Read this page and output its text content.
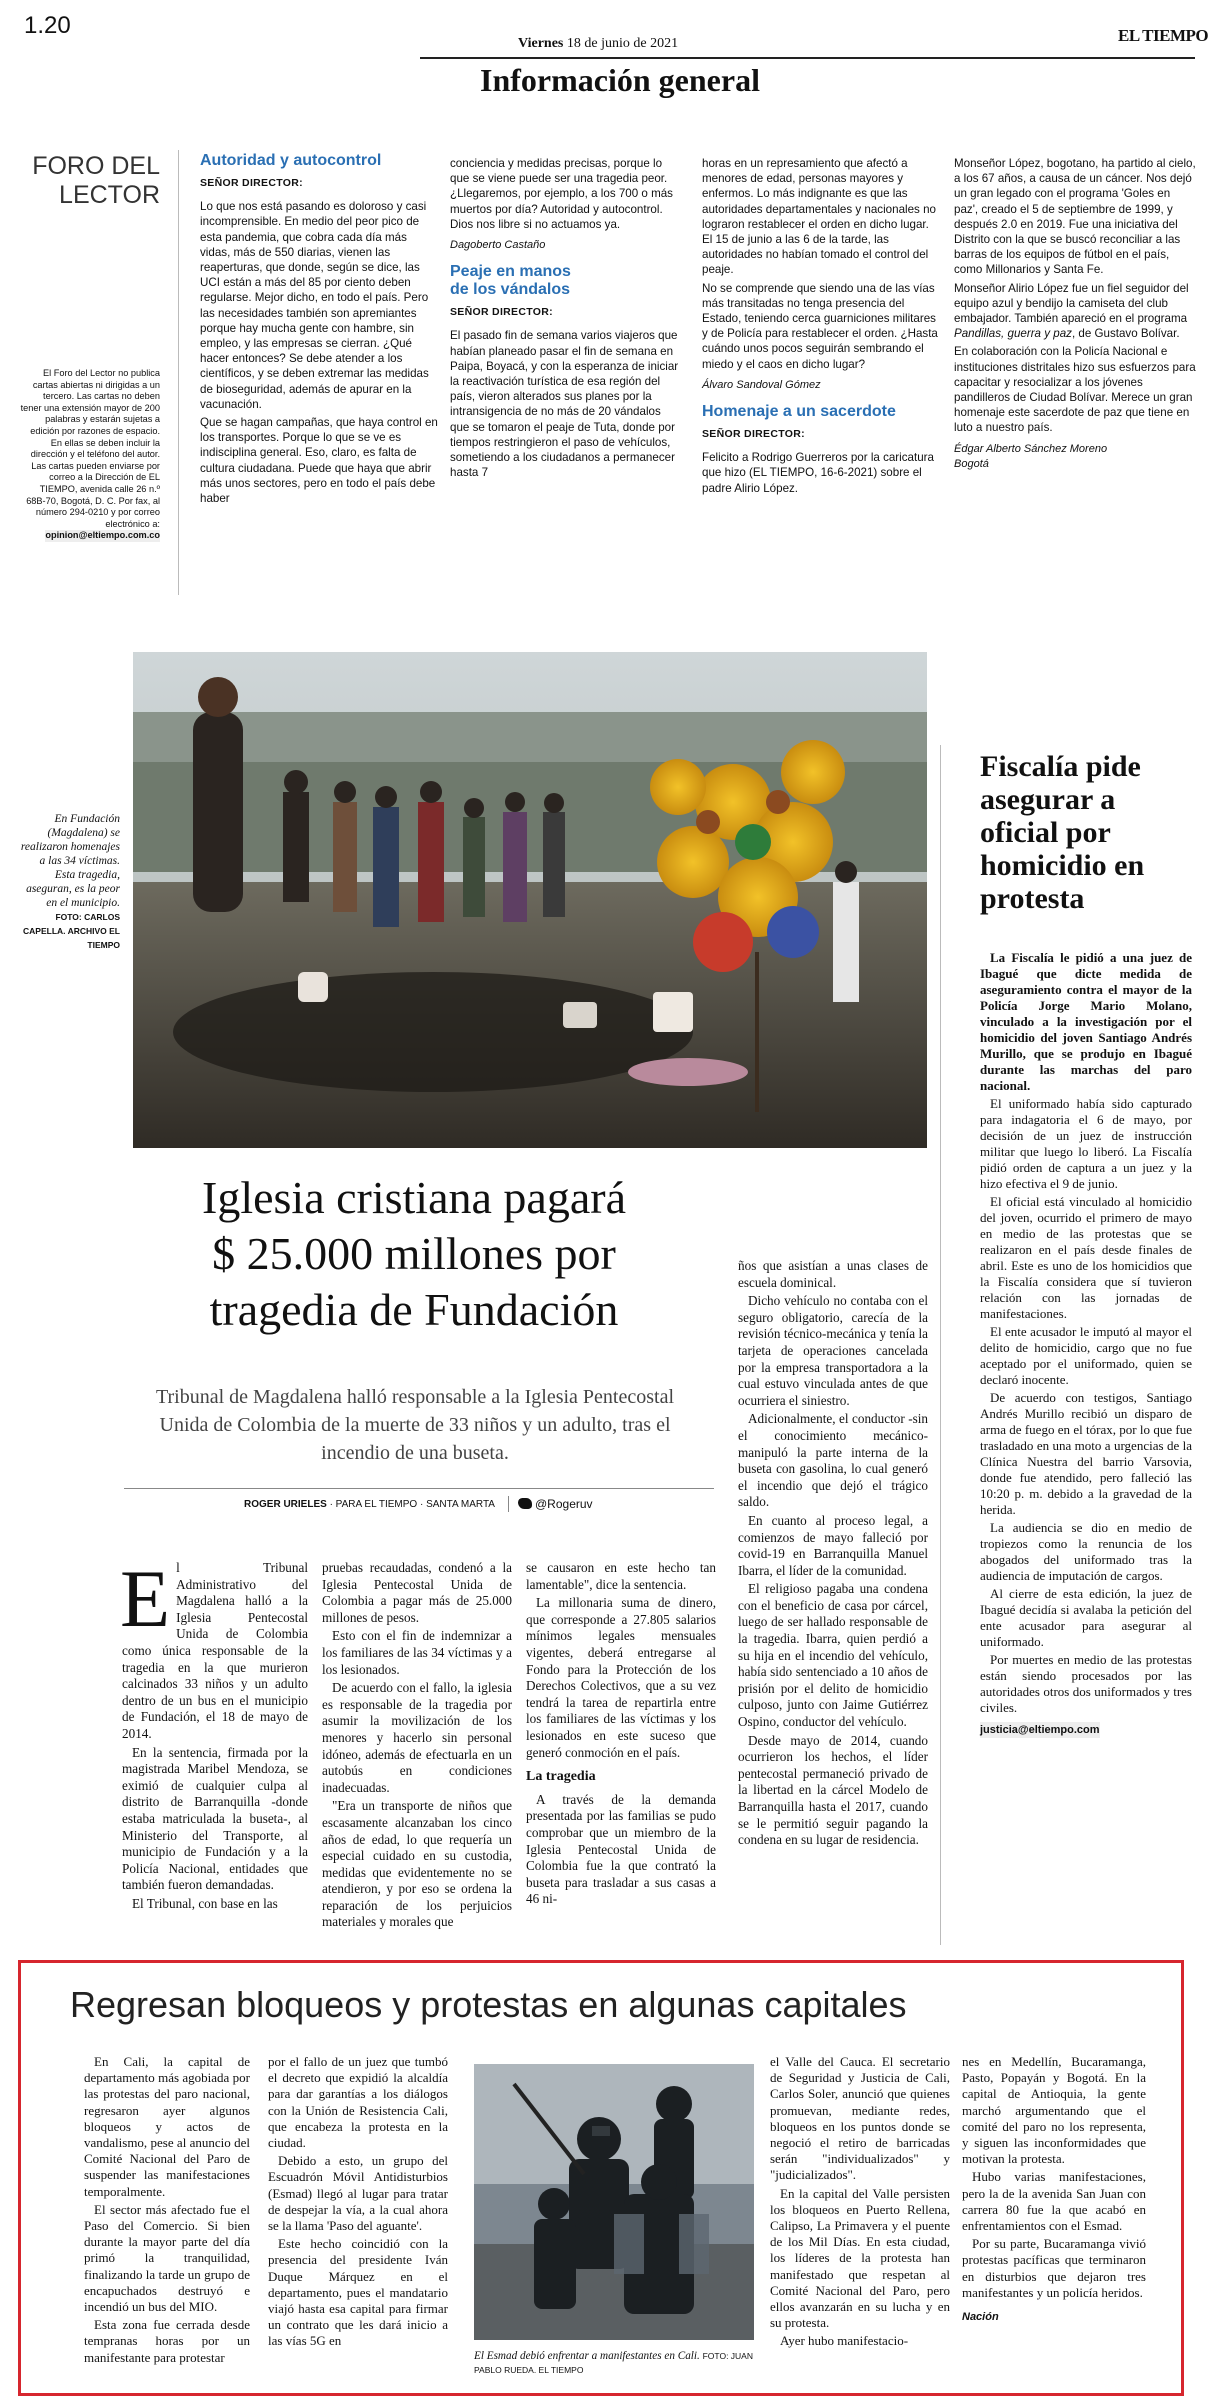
1.20
Viernes 18 de junio de 2021	EL TIEMPO
Información general
FORO DEL
LECTOR
El Foro del Lector no publica cartas abiertas ni dirigidas a un tercero. Las cartas no deben tener una extensión mayor de 200 palabras y estarán sujetas a edición por razones de espacio. En ellas se deben incluir la dirección y el teléfono del autor. Las cartas pueden enviarse por correo a la Dirección de EL TIEMPO, avenida calle 26 n.º 68B-70, Bogotá, D. C. Por fax, al número 294-0210 y por correo electrónico a: opinion@eltiempo.com.co
Autoridad y autocontrol
SEÑOR DIRECTOR:

Lo que nos está pasando es doloroso y casi incomprensible. En medio del peor pico de esta pandemia, que cobra cada día más vidas, más de 550 diarias, vienen las reaperturas, que donde, según se dice, las UCI están a más del 85 por ciento deben regularse. Mejor dicho, en todo el país. Pero las necesidades también son apremiantes porque hay mucha gente con hambre, sin empleo, y las empresas se cierran. ¿Qué hacer entonces? Se debe atender a los científicos, y se deben extremar las medidas de bioseguridad, además de apurar en la vacunación.

Que se hagan campañas, que haya control en los transportes. Porque lo que se ve es indisciplina general. Eso, claro, es falta de cultura ciudadana. Puede que haya que abrir más unos sectores, pero en todo el país debe haber

conciencia y medidas precisas, porque lo que se viene puede ser una tragedia peor. ¿Llegaremos, por ejemplo, a los 700 o más muertos por día? Autoridad y autocontrol. Dios nos libre si no actuamos ya.

Dagoberto Castaño
Peaje en manos
de los vándalos
SEÑOR DIRECTOR:

El pasado fin de semana varios viajeros que habían planeado pasar el fin de semana en Paipa, Boyacá, y con la esperanza de iniciar la reactivación turística de esa región del país, vieron alterados sus planes por la intransigencia de no más de 20 vándalos que se tomaron el peaje de Tuta, donde por tiempos restringieron el paso de vehículos, sometiendo a los ciudadanos a permanecer hasta 7

horas en un represamiento que afectó a menores de edad, personas mayores y enfermos. Lo más indignante es que las autoridades departamentales y nacionales no lograron restablecer el orden en dicho lugar. El 15 de junio a las 6 de la tarde, las autoridades no habían tomado el control del peaje.

No se comprende que siendo una de las vías más transitadas no tenga presencia del Estado, teniendo cerca guarniciones militares y de Policía para restablecer el orden. ¿Hasta cuándo unos pocos seguirán sembrando el miedo y el caos en dicho lugar?

Álvaro Sandoval Gómez
Homenaje a un sacerdote
SEÑOR DIRECTOR:

Felicito a Rodrigo Guerreros por la caricatura que hizo (EL TIEMPO, 16-6-2021) sobre el padre Alirio López.

Monseñor López, bogotano, ha partido al cielo, a los 67 años, a causa de un cáncer. Nos dejó un gran legado con el programa 'Goles en paz', creado el 5 de septiembre de 1999, y después 2.0 en 2019. Fue una iniciativa del Distrito con la que se buscó reconciliar a las barras de los equipos de fútbol en el país, como Millonarios y Santa Fe.

Monseñor Alirio López fue un fiel seguidor del equipo azul y bendijo la camiseta del club embajador. También apareció en el programa Pandillas, guerra y paz, de Gustavo Bolívar.

En colaboración con la Policía Nacional e instituciones distritales hizo sus esfuerzos para capacitar y resocializar a los jóvenes pandilleros de Ciudad Bolívar. Merece un gran homenaje este sacerdote de paz que tiene en luto a nuestro país.

Édgar Alberto Sánchez Moreno
Bogotá
En Fundación (Magdalena) se realizaron homenajes a las 34 víctimas. Esta tragedia, aseguran, es la peor en el municipio. FOTO: CARLOS CAPELLA. ARCHIVO EL TIEMPO
Iglesia cristiana pagará
$ 25.000 millones por
tragedia de Fundación
Tribunal de Magdalena halló responsable a la Iglesia Pentecostal Unida de Colombia de la muerte de 33 niños y un adulto, tras el incendio de una buseta.
ROGER URIELES · PARA EL TIEMPO · SANTA MARTA	@Rogeruv
E l Tribunal Administrativo del Magdalena halló a la Iglesia Pentecostal Unida de Colombia como única responsable de la tragedia en la que murieron calcinados 33 niños y un adulto dentro de un bus en el municipio de Fundación, el 18 de mayo de 2014.

En la sentencia, firmada por la magistrada Maribel Mendoza, se eximió de cualquier culpa al distrito de Barranquilla -donde estaba matriculada la buseta-, al Ministerio del Transporte, al municipio de Fundación y a la Policía Nacional, entidades que también fueron demandadas.

El Tribunal, con base en las

pruebas recaudadas, condenó a la Iglesia Pentecostal Unida de Colombia a pagar más de 25.000 millones de pesos.

Esto con el fin de indemnizar a los familiares de las 34 víctimas y a los lesionados.

De acuerdo con el fallo, la iglesia es responsable de la tragedia por asumir la movilización de los menores y hacerlo sin personal idóneo, además de efectuarla en un autobús en condiciones inadecuadas.

"Era un transporte de niños que escasamente alcanzaban los cinco años de edad, lo que requería un especial cuidado en su custodia, medidas que evidentemente no se atendieron, y por eso se ordena la reparación de los perjuicios materiales y morales que

se causaron en este hecho tan lamentable", dice la sentencia.

La millonaria suma de dinero, que corresponde a 27.805 salarios mínimos legales mensuales vigentes, deberá entregarse al Fondo para la Protección de los Derechos Colectivos, que a su vez tendrá la tarea de repartirla entre los familiares de las víctimas y los lesionados en este suceso que generó conmoción en el país.

La tragedia

A través de la demanda presentada por las familias se pudo comprobar que un miembro de la Iglesia Pentecostal Unida de Colombia fue la que contrató la buseta para trasladar a sus casas a 46 ni-

ños que asistían a unas clases de escuela dominical.

Dicho vehículo no contaba con el seguro obligatorio, carecía de la revisión técnico-mecánica y tenía la tarjeta de operaciones cancelada por la empresa transportadora a la cual estuvo vinculada antes de que ocurriera el siniestro.

Adicionalmente, el conductor -sin el conocimiento mecánico- manipuló la parte interna de la buseta con gasolina, lo cual generó el incendio que dejó el trágico saldo.

En cuanto al proceso legal, a comienzos de mayo falleció por covid-19 en Barranquilla Manuel Ibarra, el líder de la comunidad.

El religioso pagaba una condena con el beneficio de casa por cárcel, luego de ser hallado responsable de la tragedia. Ibarra, quien perdió a su hija en el incendio del vehículo, había sido sentenciado a 10 años de prisión por el delito de homicidio culposo, junto con Jaime Gutiérrez Ospino, conductor del vehículo.

Desde mayo de 2014, cuando ocurrieron los hechos, el líder pentecostal permaneció privado de la libertad en la cárcel Modelo de Barranquilla hasta el 2017, cuando se le permitió seguir pagando la condena en su lugar de residencia.

Fiscalía pide asegurar a oficial por homicidio en protesta

La Fiscalía le pidió a una juez de Ibagué que dicte medida de aseguramiento contra el mayor de la Policía Jorge Mario Molano, vinculado a la investigación por el homicidio del joven Santiago Andrés Murillo, que se produjo en Ibagué durante las marchas del paro nacional.

El uniformado había sido capturado para indagatoria el 6 de mayo, por decisión de un juez de instrucción militar que luego lo liberó. La Fiscalía pidió orden de captura a un juez y la hizo efectiva el 9 de junio.

El oficial está vinculado al homicidio del joven, ocurrido el primero de mayo en medio de las protestas que se realizaron en el país desde finales de abril. Este es uno de los homicidios que la Fiscalía considera que sí tuvieron relación con las jornadas de manifestaciones.

El ente acusador le imputó al mayor el delito de homicidio, cargo que no fue aceptado por el uniformado, quien se declaró inocente.

De acuerdo con testigos, Santiago Andrés Murillo recibió un disparo de arma de fuego en el tórax, por lo que fue trasladado en una moto a urgencias de la Clínica Nuestra del barrio Varsovia, donde fue atendido, pero falleció las 10:20 p. m. debido a la gravedad de la herida.

La audiencia se dio en medio de tropiezos como la renuncia de los abogados del uniformado tras la audiencia de imputación de cargos.

Al cierre de esta edición, la juez de Ibagué decidía si avalaba la petición del ente acusador para asegurar al uniformado.

Por muertes en medio de las protestas están siendo procesados por las autoridades otros dos uniformados y tres civiles.

justicia@eltiempo.com
Regresan bloqueos y protestas en algunas capitales

En Cali, la capital de departamento más agobiada por las protestas del paro nacional, regresaron ayer algunos bloqueos y actos de vandalismo, pese al anuncio del Comité Nacional del Paro de suspender las manifestaciones temporalmente.

El sector más afectado fue el Paso del Comercio. Si bien durante la mayor parte del día primó la tranquilidad, finalizando la tarde un grupo de encapuchados destruyó e incendió un bus del MIO.

Esta zona fue cerrada desde tempranas horas por un manifestante para protestar

por el fallo de un juez que tumbó el decreto que expidió la alcaldía para dar garantías a los diálogos con la Unión de Resistencia Cali, que encabeza la protesta en la ciudad.

Debido a esto, un grupo del Escuadrón Móvil Antidisturbios (Esmad) llegó al lugar para tratar de despejar la vía, a la cual ahora se la llama 'Paso del aguante'.

Este hecho coincidió con la presencia del presidente Iván Duque Márquez en el departamento, pues el mandatario viajó hasta esa capital para firmar un contrato que les dará inicio a las vías 5G en

El Esmad debió enfrentar a manifestantes en Cali. FOTO: JUAN PABLO RUEDA. EL TIEMPO

el Valle del Cauca. El secretario de Seguridad y Justicia de Cali, Carlos Soler, anunció que quienes promuevan, mediante redes, bloqueos en los puntos donde se negoció el retiro de barricadas serán "individualizados" y "judicializados".

En la capital del Valle persisten los bloqueos en Puerto Rellena, Calipso, La Primavera y el puente de los Mil Días. En esta ciudad, los líderes de la protesta han manifestado que respetan al Comité Nacional del Paro, pero ellos avanzarán en su lucha y en su protesta.

Ayer hubo manifestacio-

nes en Medellín, Bucaramanga, Pasto, Popayán y Bogotá. En la capital de Antioquia, la gente marchó argumentando que el comité del paro no los representa, y siguen las inconformidades que motivan la protesta.

Hubo varias manifestaciones, pero la de la avenida San Juan con carrera 80 fue la que acabó en enfrentamientos con el Esmad.

Por su parte, Bucaramanga vivió protestas pacíficas que terminaron en disturbios que dejaron tres manifestantes y un policía heridos.

Nación
